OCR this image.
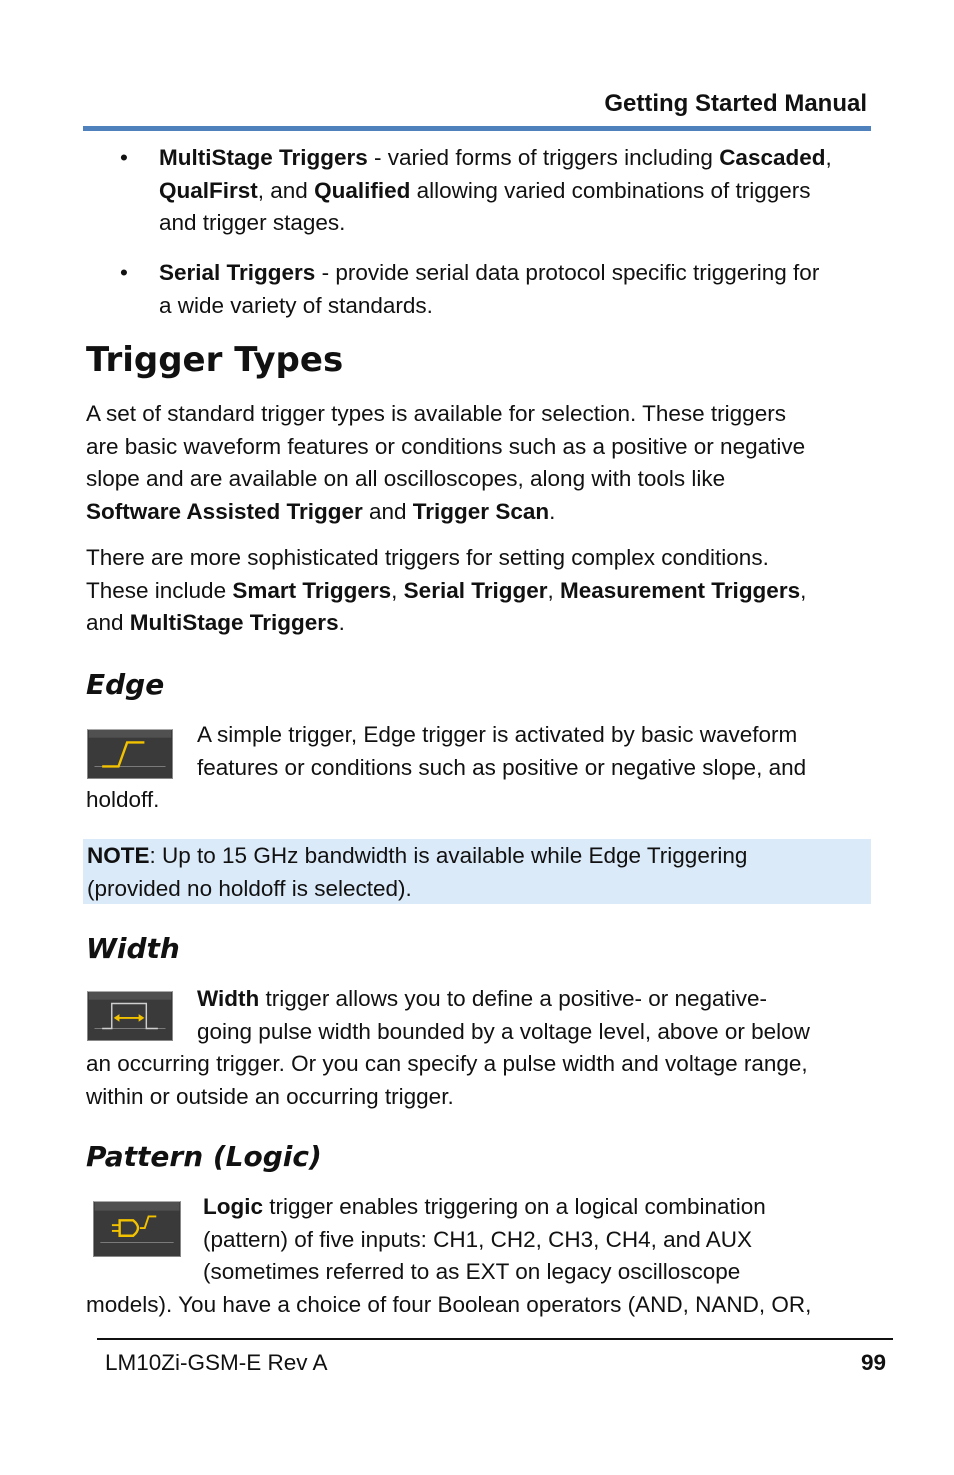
Getting Started Manual
• MultiStage Triggers - varied forms of triggers including Cascaded,
QualFirst, and Qualified allowing varied combinations of triggers
and trigger stages.
• Serial Triggers - provide serial data protocol specific triggering for
a wide variety of standards.
Trigger Types
A set of standard trigger types is available for selection. These triggers
are basic waveform features or conditions such as a positive or negative
slope and are available on all oscilloscopes, along with tools like
Software Assisted Trigger and Trigger Scan.
There are more sophisticated triggers for setting complex conditions.
These include Smart Triggers, Serial Trigger, Measurement Triggers,
and MultiStage Triggers.
Edge
A simple trigger, Edge trigger is activated by basic waveform
features or conditions such as positive or negative slope, and
holdoff.
NOTE: Up to 15 GHz bandwidth is available while Edge Triggering
(provided no holdoff is selected).
Width
Width trigger allows you to define a positive- or negative-
going pulse width bounded by a voltage level, above or below
an occurring trigger. Or you can specify a pulse width and voltage range,
within or outside an occurring trigger.
Pattern (Logic)
Logic trigger enables triggering on a logical combination
(pattern) of five inputs: CH1, CH2, CH3, CH4, and AUX
(sometimes referred to as EXT on legacy oscilloscope
models). You have a choice of four Boolean operators (AND, NAND, OR,
LM10Zi-GSM-E Rev A	99
